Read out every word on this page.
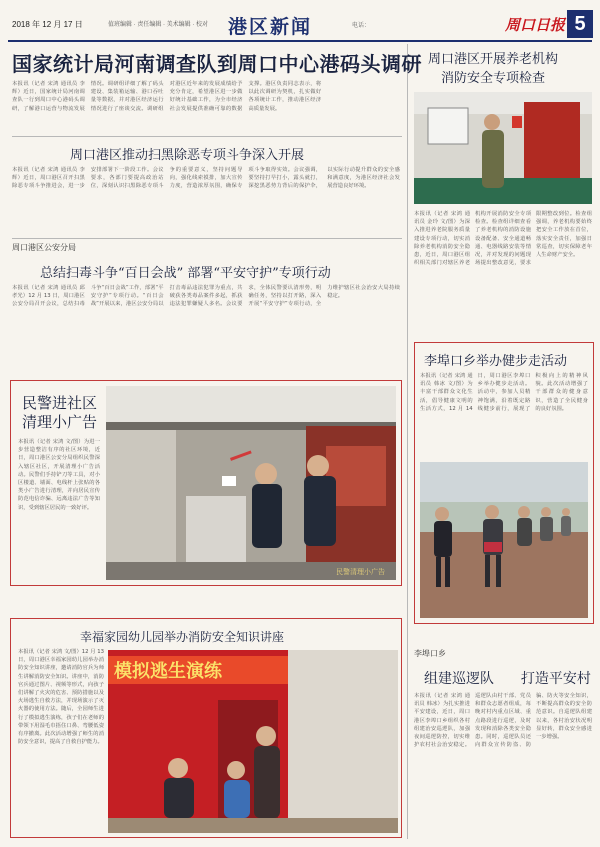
2018 年 12 月 17 日	值班编辑 · 责任编辑 · 美术编辑 · 校对 港区新闻	电话：	周口日报 5
国家统计局河南调查队到周口中心港码头调研
本报讯（记者 宋鸿 通讯员 李辉）近日，国家统计局河南调查队一行到周口中心港码头调研，了解港口运营与物流发展情况。调研组详细了解了码头建设、集装箱运输、港口吞吐量等数据，并对港区经济运行情况进行了座谈交流。调研组对港区近年来的发展成绩给予充分肯定，希望港区进一步做好统计基础工作，为全市经济社会发展提供准确可靠的数据支撑。港区负责同志表示，将以此次调研为契机，扎实做好各项统计工作，推动港区经济高质量发展。
周口港区推动扫黑除恶专项斗争深入开展
本报讯（记者 宋鸿 通讯员 李辉）近日，周口港区召开扫黑除恶专项斗争推进会，进一步安排部署下一阶段工作。会议要求，各部门要提高政治站位，深刻认识扫黑除恶专项斗争的重要意义，坚持问题导向，强化线索摸排，加大宣传力度，营造浓厚氛围，确保专项斗争取得实效。会议强调，要坚持打早打小，露头就打，深挖黑恶势力背后的保护伞，以实际行动提升群众的安全感和满意度，为港区经济社会发展营造良好环境。
周口港区公安分局
总结扫毒斗争“百日会战” 部署“平安守护”专项行动
本报讯（记者 宋鸿 通讯员 邱孝光）12 月 13 日，周口港区公安分局召开会议，总结扫毒斗争“百日会战”工作，部署“平安守护”专项行动。“百日会战”开展以来，港区公安分局以打击毒品违法犯罪为重点，共破获各类毒品案件多起，抓获违法犯罪嫌疑人多名。会议要求，全体民警要认清形势，明确任务，坚持以打开路，深入开展“平安守护”专项行动，全力维护辖区社会治安大局持续稳定。
民警进社区
清理小广告
本报讯（记者 宋鸿 文/图）为进一步营造整洁有序的社区环境，近日，周口港区公安分局组织民警深入辖区社区，开展清理小广告活动。民警们手持铲刀等工具，对小区楼道、墙面、电线杆上张贴的各类小广告进行清理，并向居民宣传防范电信诈骗、远离违法广告等知识，受到辖区居民的一致好评。
民警清理小广告
幸福家园幼儿园举办消防安全知识讲座
本报讯（记者 宋鸿 文/图）12 月 13 日，周口港区幸福家园幼儿园举办消防安全知识讲座，邀请消防官兵为师生讲解消防安全知识。讲座中，消防官兵通过图片、视频等形式，向孩子们讲解了火灾的危害、预防措施以及火场逃生自救方法，并现场演示了灭火器的使用方法。随后，全园师生进行了模拟逃生演练，孩子们在老师的带领下用湿毛巾捂住口鼻、弯腰低姿有序撤离。此次活动增强了师生的消防安全意识，提高了自救自护能力。
模拟逃生演练
周口港区开展养老机构
消防安全专项检查
本报讯（记者 宋鸿 通讯员 金玲 文/图）为深入推进养老院服务质量建设专项行动，切实消除养老机构消防安全隐患，近日，周口港区组织相关部门对辖区养老机构开展消防安全专项检查。检查组详细查看了养老机构的消防设施设备配备、安全通道畅通、电器线路安装等情况，并对发现的问题现场提出整改意见，要求限期整改到位。检查组强调，养老机构要始终把安全工作放在首位，落实安全责任，加强日常巡查，切实保障老年人生命财产安全。
李埠口乡举办健步走活动
本报讯（记者 宋鸿 通讯员 韩冰 文/图）为丰富干部群众文化生活，倡导健康文明的生活方式，12 月 14 日，周口港区李埠口乡举办健步走活动。活动中，参加人员精神饱满，沿着既定路线健步前行，展现了积极向上的精神风貌。此次活动增强了干部群众的健身意识，营造了全民健身的良好氛围。
李埠口乡
组建巡逻队 打造平安村
本报讯（记者 宋鸿 通讯员 韩冰）为扎实推进平安建设，近日，周口港区李埠口乡组织各村组建治安巡逻队，加强夜间巡逻防控，切实维护农村社会治安稳定。巡逻队由村干部、党员和群众志愿者组成，每晚对村内重点区域、重点路段进行巡逻，及时发现和消除各类安全隐患。同时，巡逻队员还向群众宣传防盗、防骗、防火等安全知识，不断提高群众的安全防范意识。自巡逻队组建以来，各村治安状况明显好转，群众安全感进一步增强。
